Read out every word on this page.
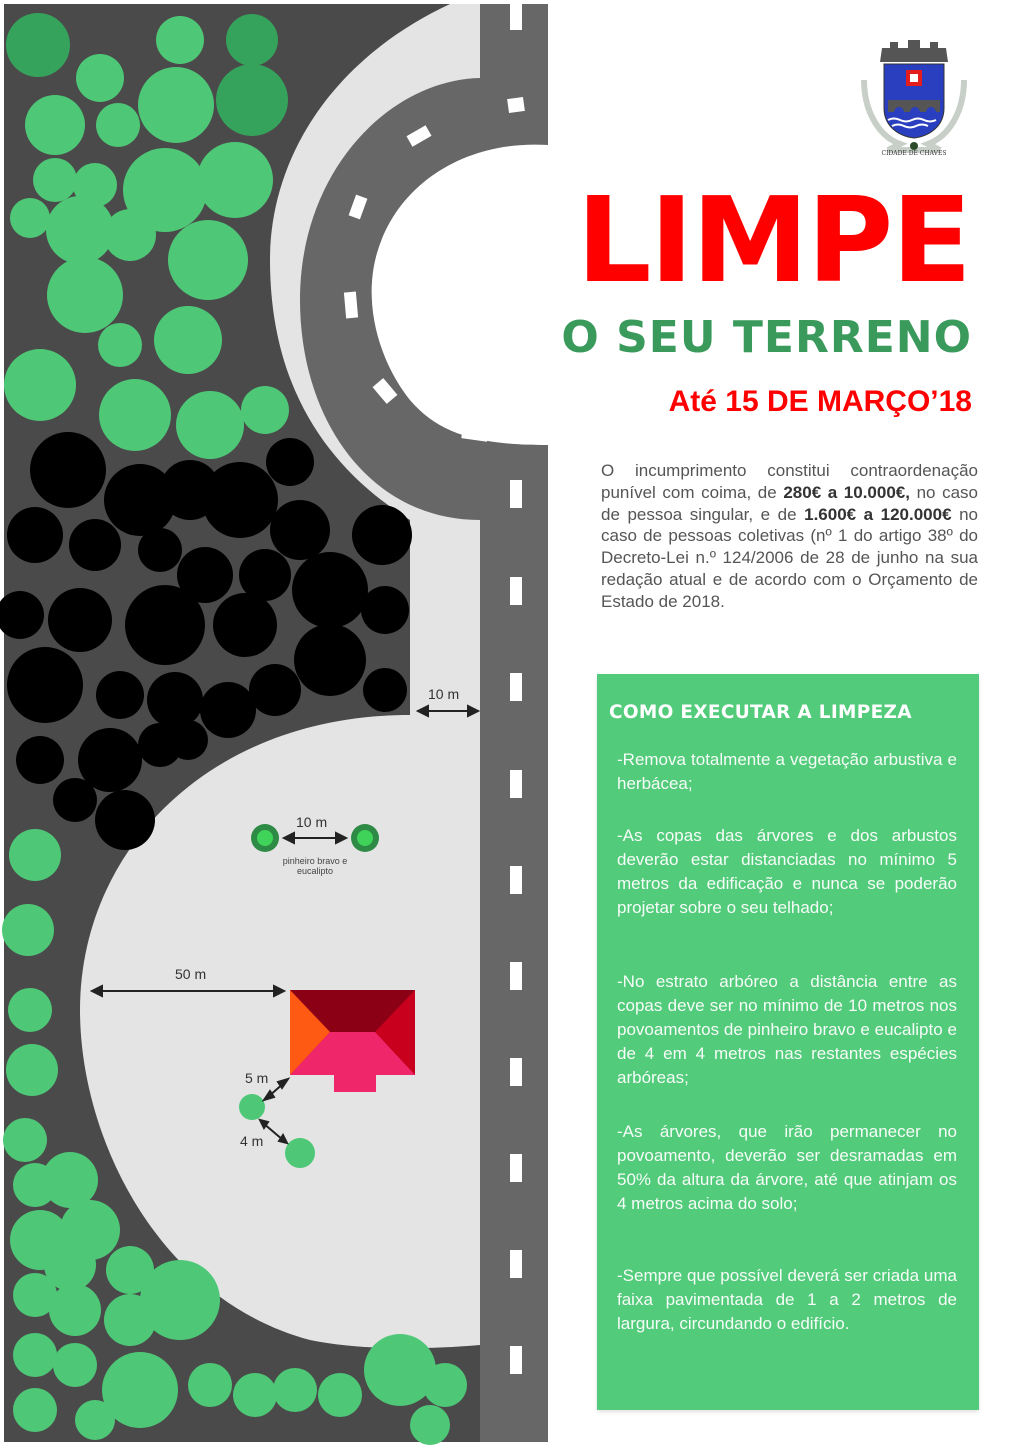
10 m
10 m
pinheiro bravo e eucalipto
50 m
5 m
4 m
CIDADE DE CHAVES
LIMPE
O SEU TERRENO
Até 15 DE MARÇO’18
O incumprimento constitui contraordenação punível com coima, de 280€ a 10.000€, no caso de pessoa singular, e de 1.600€ a 120.000€ no caso de pessoas coletivas (nº 1 do artigo 38º do Decreto-Lei n.º 124/2006 de 28 de junho na sua redação atual e de acordo com o Orçamento de Estado de 2018.
COMO EXECUTAR A LIMPEZA
-Remova totalmente a vegetação arbustiva e herbácea;
-As copas das árvores e dos arbustos deverão estar distanciadas no mínimo 5 metros da edificação e nunca se poderão projetar sobre o seu telhado;
-No estrato arbóreo a distância entre as copas deve ser no mínimo de 10 metros nos povoamentos de pinheiro bravo e eucalipto e de 4 em 4 metros nas restantes espécies arbóreas;
-As árvores, que irão permanecer no povoamento, deverão ser desramadas em 50% da altura da árvore, até que atinjam os 4 metros acima do solo;
-Sempre que possível deverá ser criada uma faixa pavimentada de 1 a 2 metros de largura, circundando o edifício.
